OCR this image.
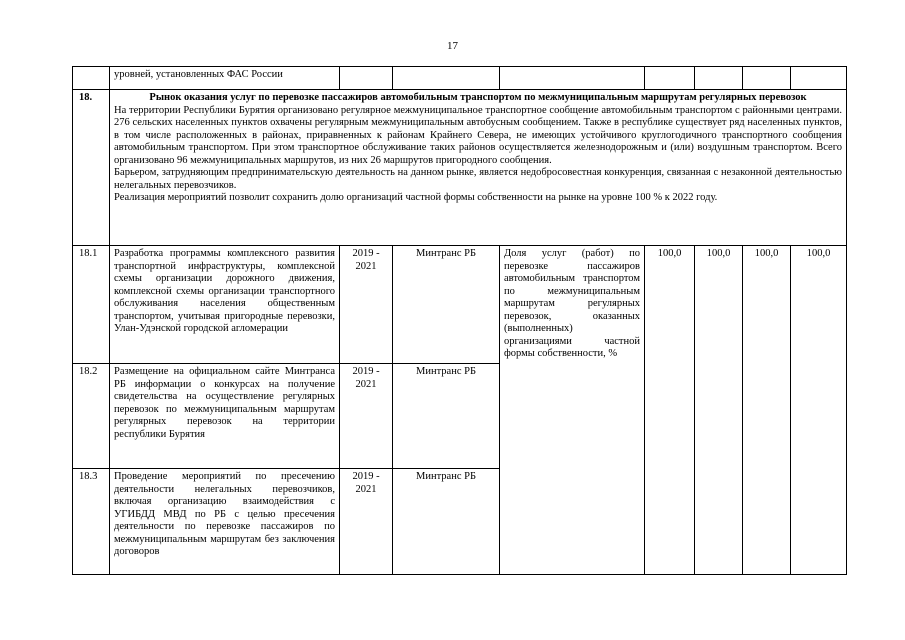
17
	уровней, установленных ФАС России							
18.	Рынок оказания услуг по перевозке пассажиров автомобильным транспортом по межмуниципальным маршрутам регулярных перевозок

На территории Республики Бурятия организовано регулярное межмуниципальное транспортное сообщение автомобильным транспортом с районными центрами. 276 сельских населенных пунктов охвачены регулярным межмуниципальным автобусным сообщением. Также в республике существует ряд населенных пунктов, в том числе расположенных в районах, приравненных к районам Крайнего Севера, не имеющих устойчивого круглогодичного транспортного сообщения автомобильным транспортом. При этом транспортное обслуживание таких районов осуществляется железнодорожным и (или) воздушным транспортом. Всего организовано 96 межмуниципальных маршрутов, из них 26 маршрутов пригородного сообщения.

Барьером, затрудняющим предпринимательскую деятельность на данном рынке, является недобросовестная конкуренция, связанная с незаконной деятельностью нелегальных перевозчиков.

Реализация мероприятий позволит сохранить долю организаций частной формы собственности на рынке на уровне 100 % к 2022 году.							

18.1	Разработка программы комплексного развития транспортной инфраструктуры, комплексной схемы организации дорожного движения, комплексной схемы организации транспортного обслуживания населения общественным транспортом, учитывая пригородные перевозки, Улан-Удэнской городской агломерации	2019 - 2021	Минтранс РБ	Доля услуг (работ) по перевозке пассажиров автомобильным транспортом по межмуниципальным маршрутам регулярных перевозок, оказанных (выполненных) организациями частной формы собственности, %	100,0	100,0	100,0	100,0
18.2	Размещение на официальном сайте Минтранса РБ информации о конкурсах на получение свидетельства на осуществление регулярных перевозок по межмуниципальным маршрутам регулярных перевозок на территории республики Бурятия	2019 - 2021	Минтранс РБ					
18.3	Проведение мероприятий по пресечению деятельности нелегальных перевозчиков, включая организацию взаимодействия с УГИБДД МВД по РБ с целью пресечения деятельности по перевозке пассажиров по межмуниципальным маршрутам без заключения договоров	2019 - 2021	Минтранс РБ					
